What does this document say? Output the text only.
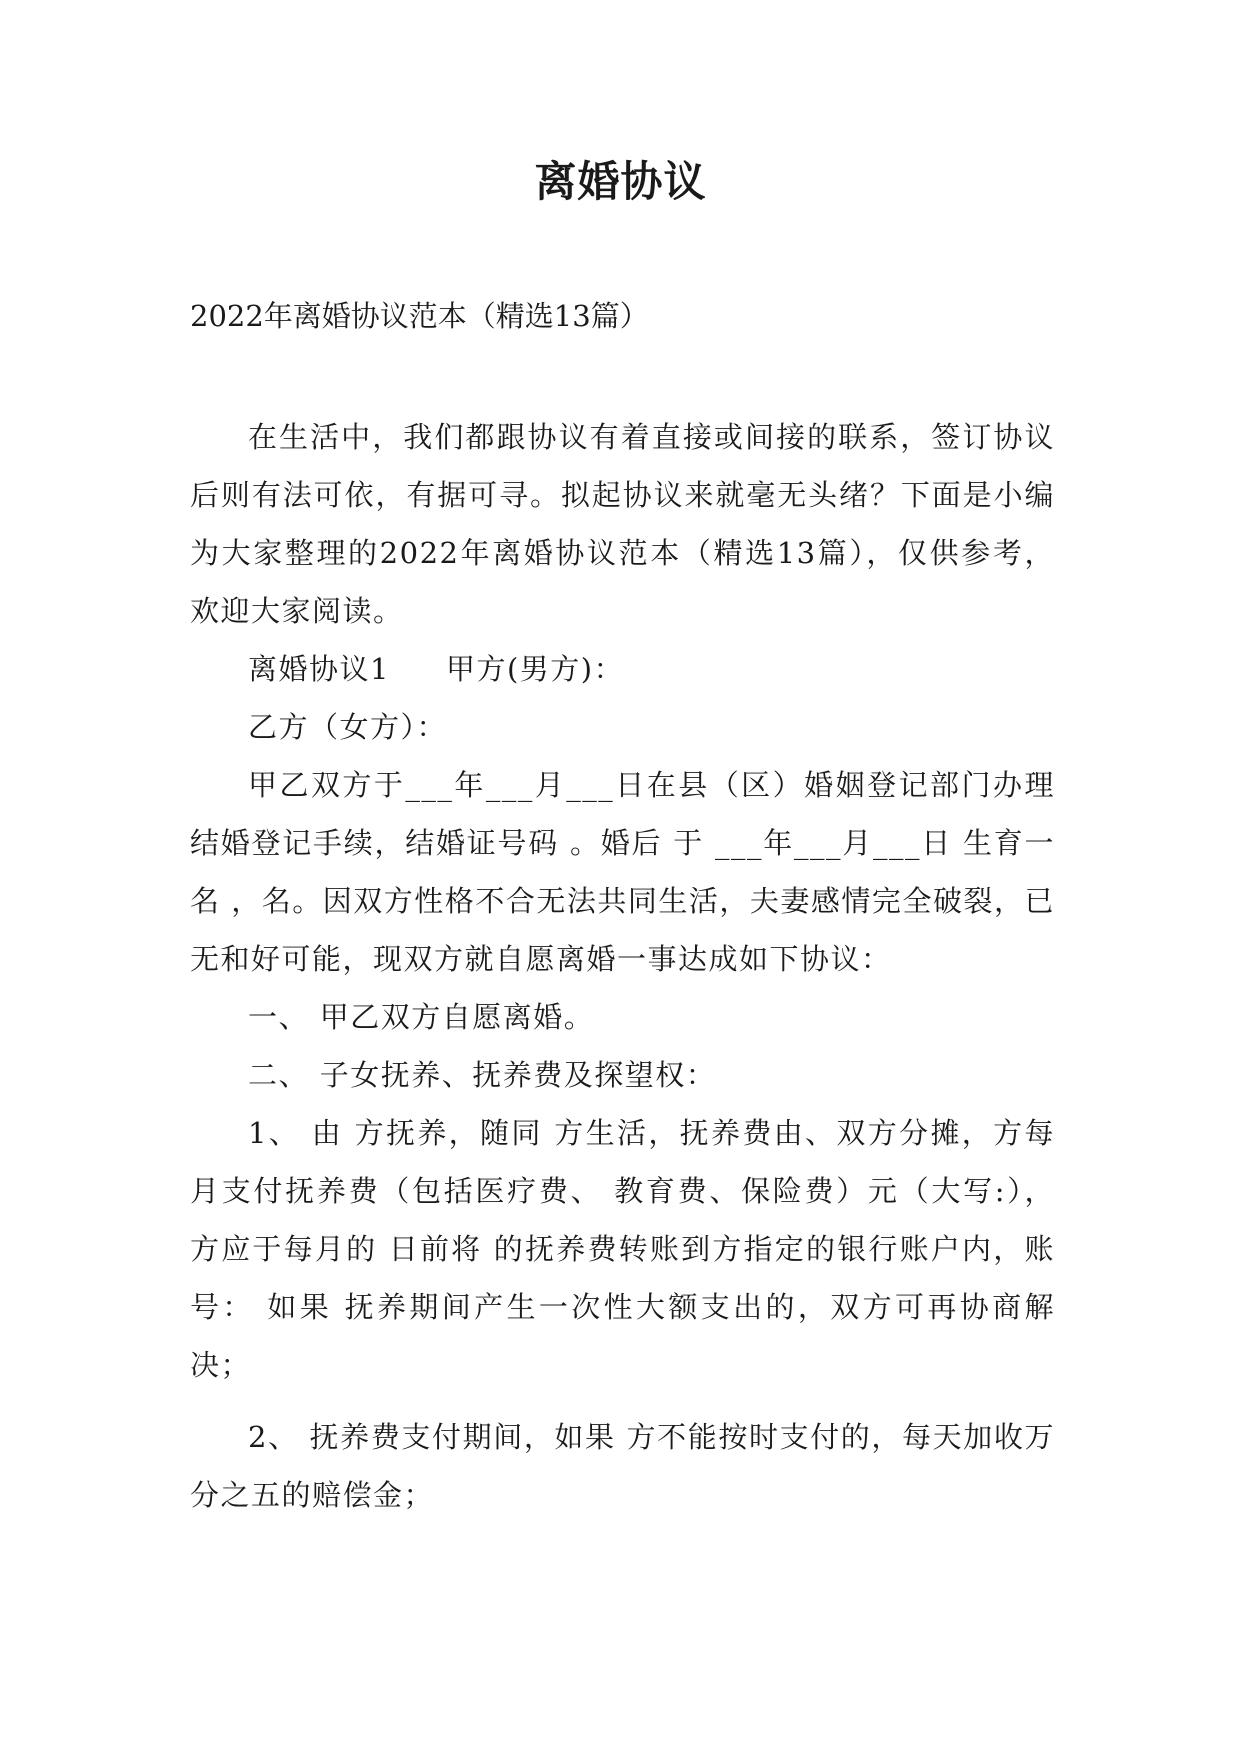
离婚协议

2022年离婚协议范本（精选13篇）

在生活中，我们都跟协议有着直接或间接的联系，签订协议后则有法可依，有据可寻。拟起协议来就毫无头绪？下面是小编为大家整理的2022年离婚协议范本（精选13篇），仅供参考，欢迎大家阅读。

离婚协议1 甲方(男方)：

乙方（女方）：

甲乙双方于___年___月___日在县（区）婚姻登记部门办理结婚登记手续，结婚证号码 。婚后 于 ___年___月___日 生育一名 ，名。因双方性格不合无法共同生活，夫妻感情完全破裂，已无和好可能，现双方就自愿离婚一事达成如下协议：

一、 甲乙双方自愿离婚。

二、 子女抚养、抚养费及探望权：

1、 由 方抚养，随同 方生活，抚养费由、双方分摊，方每月支付抚养费（包括医疗费、 教育费、保险费）元（大写:）， 方应于每月的 日前将 的抚养费转账到方指定的银行账户内，账号： 如果 抚养期间产生一次性大额支出的，双方可再协商解决；

2、 抚养费支付期间，如果 方不能按时支付的，每天加收万分之五的赔偿金；
